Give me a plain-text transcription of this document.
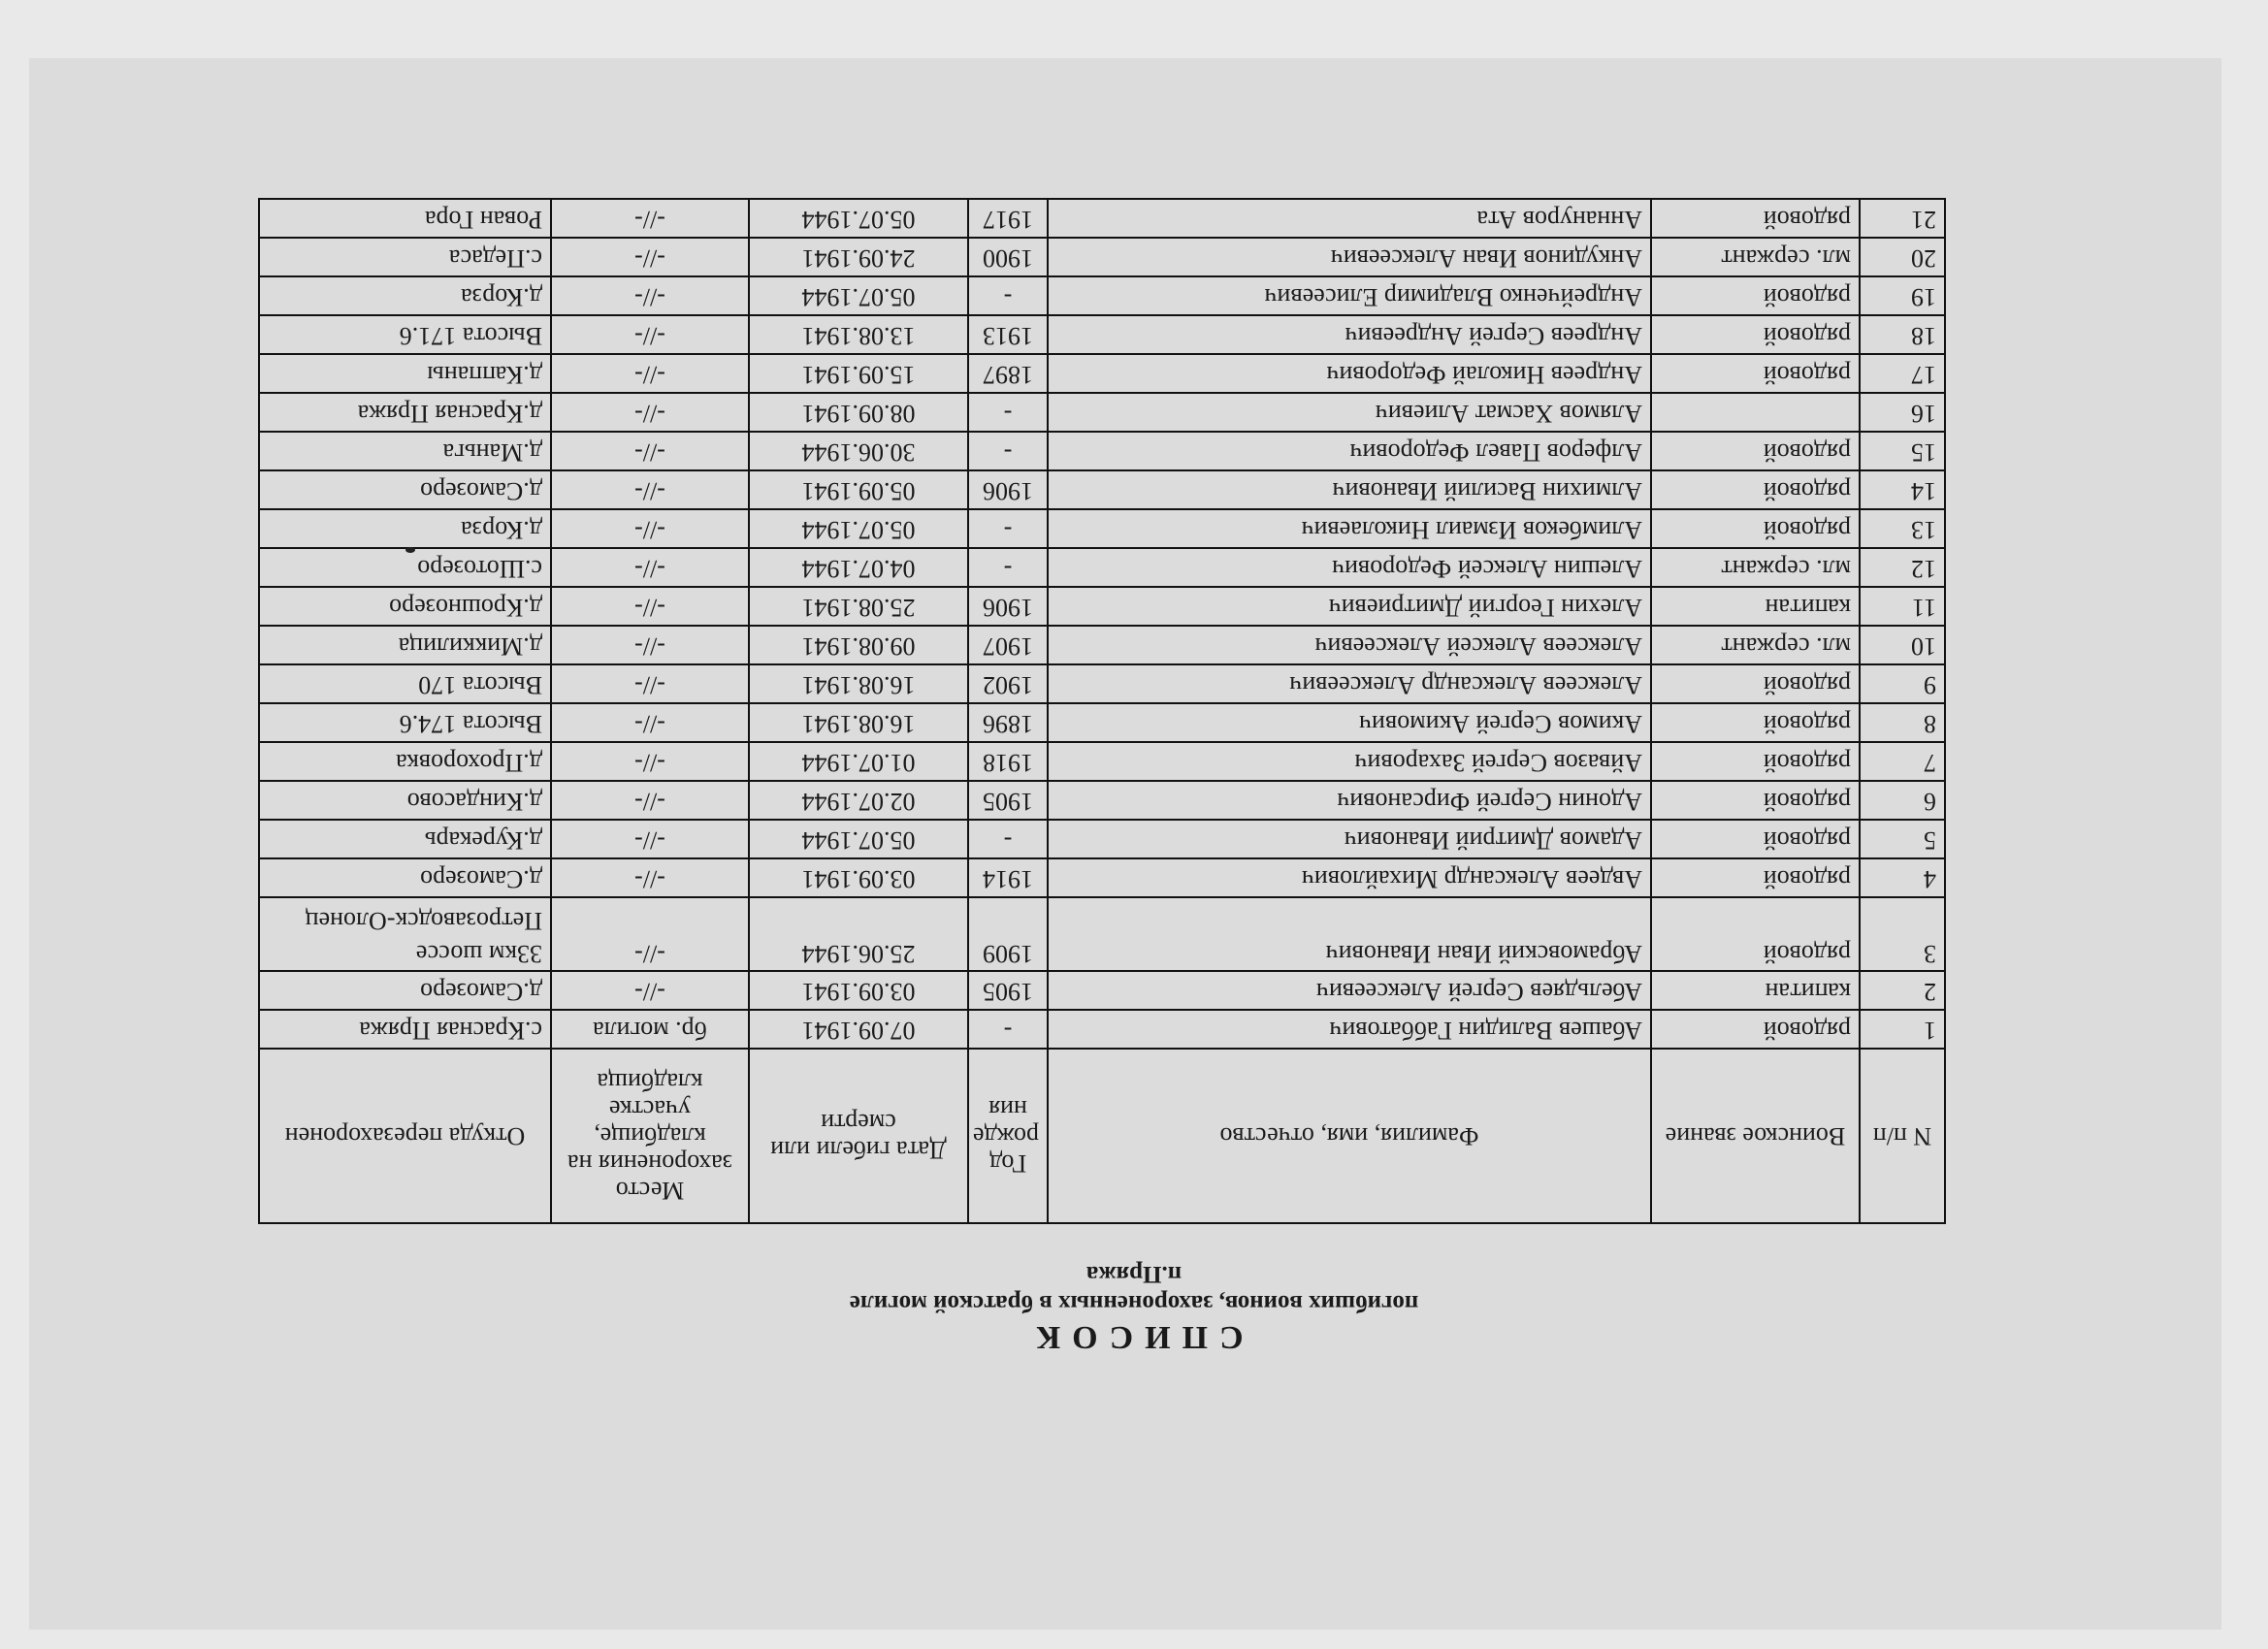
СПИСОК
погибших воинов, захороненных в братской могиле
п.Пряжа
N п/п	Воинское звание	Фамилия, имя, отчество	Год рожде ния	Дата гибели или смерти	Место захоронения на кладбище, участке кладбища	Откуда перезахоронен
1	рядовой	Абашев Валидин Габбатович	-	07.09.1941	бр. могила	с.Красная Пряжа
2	капитан	Абельдяев Сергей Алексеевич	1905	03.09.1941	-//-	д.Самозеро
3	рядовой	Абрамовский Иван Иванович	1909	25.06.1944	-//-	33км шоссе Петрозаводск-Олонец
4	рядовой	Авдеев Александр Михайлович	1914	03.09.1941	-//-	д.Самозеро
5	рядовой	Адамов Дмитрий Иванович	-	05.07.1944	-//-	д.Курекарь
6	рядовой	Адонин Сергей Фирсанович	1905	02.07.1944	-//-	д.Киндасово
7	рядовой	Айвазов Сергей Захарович	1918	01.07.1944	-//-	д.Прохоровка
8	рядовой	Акимов Сергей Акимович	1896	16.08.1941	-//-	Высота 174.6
9	рядовой	Алексеев Александр Алексеевич	1902	16.08.1941	-//-	Высота 170
10	мл. сержант	Алексеев Алексей Алексеевич	1907	09.08.1941	-//-	д.Миккилица
11	капитан	Алехин Георгий Дмитриевич	1906	25.08.1941	-//-	д.Крошнозеро
12	мл. сержант	Алешин Алексей Федорович	-	04.07.1944	-//-	с.Шотозеро
13	рядовой	Алимбеков Измаил Николаевич	-	05.07.1944	-//-	д.Корза
14	рядовой	Алмихин Василий Иванович	1906	05.09.1941	-//-	д.Самозеро
15	рядовой	Алферов Павел Федорович	-	30.06.1944	-//-	д.Маньга
16		Алямов Хасмат Алиевич	-	08.09.1941	-//-	д.Красная Пряжа
17	рядовой	Андреев Николай Федорович	1897	15.09.1941	-//-	д.Каппаны
18	рядовой	Андреев Сергей Андреевич	1913	13.08.1941	-//-	Высота 171.6
19	рядовой	Андрейченко Владимир Елисеевич	-	05.07.1944	-//-	д.Корза
20	мл. сержант	Анкудинов Иван Алексеевич	1900	24.09.1941	-//-	с.Педаса
21	рядовой	Аннануров Ата	1917	05.07.1944	-//-	Рован Гора
